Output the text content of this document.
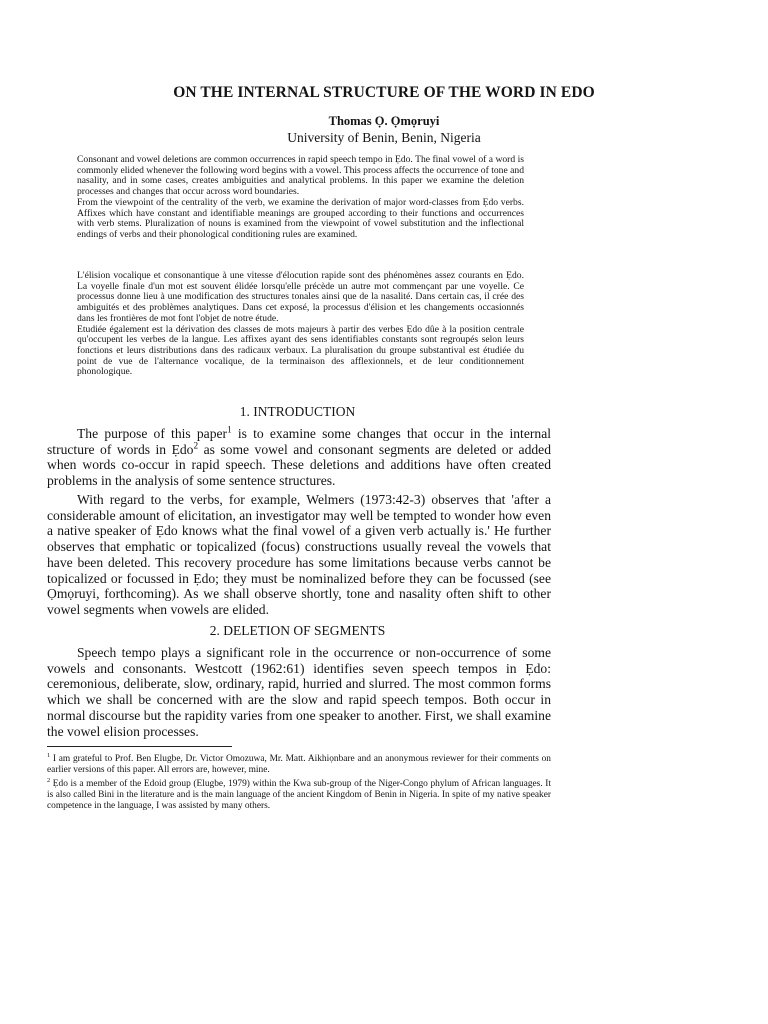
ON THE INTERNAL STRUCTURE OF THE WORD IN EDO
Thomas Ọ. Ọmọruyi
University of Benin, Benin, Nigeria

Consonant and vowel deletions are common occurrences in rapid speech tempo in Ẹdo. The final vowel of a word is commonly elided whenever the following word begins with a vowel. This process affects the occurrence of tone and nasality, and in some cases, creates ambiguities and analytical problems. In this paper we examine the deletion processes and changes that occur across word boundaries.

From the viewpoint of the centrality of the verb, we examine the derivation of major word-classes from Ẹdo verbs. Affixes which have constant and identifiable meanings are grouped according to their functions and occurrences with verb stems. Pluralization of nouns is examined from the viewpoint of vowel substitution and the inflectional endings of verbs and their phonological conditioning rules are examined.

L'élision vocalique et consonantique à une vitesse d'élocution rapide sont des phénomènes assez courants en Ẹdo. La voyelle finale d'un mot est souvent élidée lorsqu'elle précède un autre mot commençant par une voyelle. Ce processus donne lieu à une modification des structures tonales ainsi que de la nasalité. Dans certain cas, il crée des ambiguités et des problèmes analytiques. Dans cet exposé, la processus d'élision et les changements occasionnés dans les frontières de mot font l'objet de notre étude.

Etudiée également est la dérivation des classes de mots majeurs à partir des verbes Ẹdo dûe à la position centrale qu'occupent les verbes de la langue. Les affixes ayant des sens identifiables constants sont regroupés selon leurs fonctions et leurs distributions dans des radicaux verbaux. La pluralisation du groupe substantival est étudiée du point de vue de l'alternance vocalique, de la terminaison des afflexionnels, et de leur conditionnement phonologique.

1. INTRODUCTION

The purpose of this paper$^1$ is to examine some changes that occur in the internal structure of words in Ẹdo$^2$ as some vowel and consonant segments are deleted or added when words co-occur in rapid speech. These deletions and additions have often created problems in the analysis of some sentence structures.

With regard to the verbs, for example, Welmers (1973:42-3) observes that 'after a considerable amount of elicitation, an investigator may well be tempted to wonder how even a native speaker of Ẹdo knows what the final vowel of a given verb actually is.' He further observes that emphatic or topicalized (focus) constructions usually reveal the vowels that have been deleted. This recovery procedure has some limitations because verbs cannot be topicalized or focussed in Ẹdo; they must be nominalized before they can be focussed (see Ọmọruyi, forthcoming). As we shall observe shortly, tone and nasality often shift to other vowel segments when vowels are elided.

2. DELETION OF SEGMENTS

Speech tempo plays a significant role in the occurrence or non-occurrence of some vowels and consonants. Westcott (1962:61) identifies seven speech tempos in Ẹdo: ceremonious, deliberate, slow, ordinary, rapid, hurried and slurred. The most common forms which we shall be concerned with are the slow and rapid speech tempos. Both occur in normal discourse but the rapidity varies from one speaker to another. First, we shall examine the vowel elision processes.

$^1$ I am grateful to Prof. Ben Elugbe, Dr. Victor Omozuwa, Mr. Matt. Aikhiọnbare and an anonymous reviewer for their comments on earlier versions of this paper. All errors are, however, mine.

$^2$ Ẹdo is a member of the Edoid group (Elugbe, 1979) within the Kwa sub-group of the Niger-Congo phylum of African languages. It is also called Bini in the literature and is the main language of the ancient Kingdom of Benin in Nigeria. In spite of my native speaker competence in the language, I was assisted by many others.
